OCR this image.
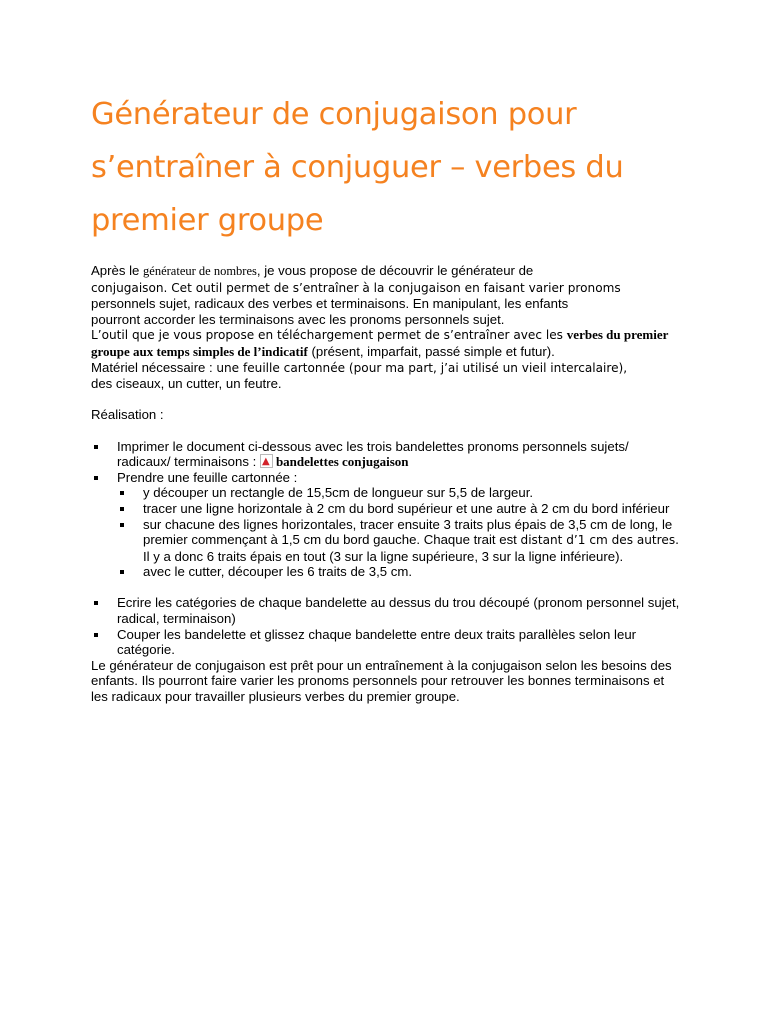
Générateur de conjugaison pour
s’entraîner à conjuguer – verbes du
premier groupe

Après le générateur de nombres, je vous propose de découvrir le générateur de
conjugaison. Cet outil permet de s’entraîner à la conjugaison en faisant varier pronoms
personnels sujet, radicaux des verbes et terminaisons. En manipulant, les enfants
pourront accorder les terminaisons avec les pronoms personnels sujet.
L’outil que je vous propose en téléchargement permet de s’entraîner avec les verbes du premier groupe aux temps simples de l’indicatif (présent, imparfait, passé simple et futur).
Matériel nécessaire : une feuille cartonnée (pour ma part, j’ai utilisé un vieil intercalaire),
des ciseaux, un cutter, un feutre.

Réalisation :

Imprimer le document ci-dessous avec les trois bandelettes pronoms personnels sujets/ radicaux/ terminaisons : ▲ bandelettes conjugaison
Prendre une feuille cartonnée :
y découper un rectangle de 15,5cm de longueur sur 5,5 de largeur.
tracer une ligne horizontale à 2 cm du bord supérieur et une autre à 2 cm du bord inférieur
sur chacune des lignes horizontales, tracer ensuite 3 traits plus épais de 3,5 cm de long, le premier commençant à 1,5 cm du bord gauche. Chaque trait est distant d’1 cm des autres. Il y a donc 6 traits épais en tout (3 sur la ligne supérieure, 3 sur la ligne inférieure).
avec le cutter, découper les 6 traits de 3,5 cm.
Ecrire les catégories de chaque bandelette au dessus du trou découpé (pronom personnel sujet, radical, terminaison)
Couper les bandelette et glissez chaque bandelette entre deux traits parallèles selon leur catégorie.

Le générateur de conjugaison est prêt pour un entraînement à la conjugaison selon les besoins des enfants. Ils pourront faire varier les pronoms personnels pour retrouver les bonnes terminaisons et les radicaux pour travailler plusieurs verbes du premier groupe.
